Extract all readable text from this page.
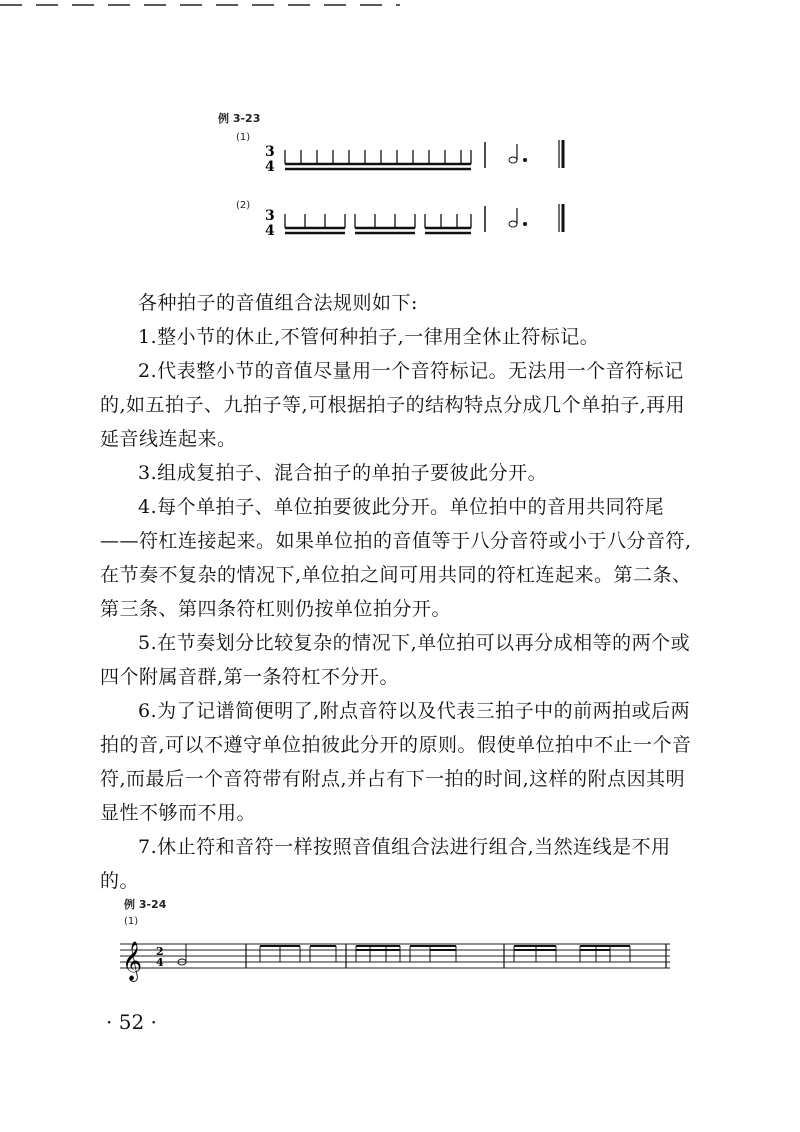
例 3-23
(1)
3
4
(2)
3
4

各种拍子的音值组合法规则如下:

1.整小节的休止,不管何种拍子,一律用全休止符标记。

2.代表整小节的音值尽量用一个音符标记。无法用一个音符标记的,如五拍子、九拍子等,可根据拍子的结构特点分成几个单拍子,再用延音线连起来。

3.组成复拍子、混合拍子的单拍子要彼此分开。

4.每个单拍子、单位拍要彼此分开。单位拍中的音用共同符尾——符杠连接起来。如果单位拍的音值等于八分音符或小于八分音符,在节奏不复杂的情况下,单位拍之间可用共同的符杠连起来。第二条、第三条、第四条符杠则仍按单位拍分开。

5.在节奏划分比较复杂的情况下,单位拍可以再分成相等的两个或四个附属音群,第一条符杠不分开。

6.为了记谱简便明了,附点音符以及代表三拍子中的前两拍或后两拍的音,可以不遵守单位拍彼此分开的原则。假使单位拍中不止一个音符,而最后一个音符带有附点,并占有下一拍的时间,这样的附点因其明显性不够而不用。

7.休止符和音符一样按照音值组合法进行组合,当然连线是不用的。

例 3-24
(1)
𝄞 2
4
· 52 ·
